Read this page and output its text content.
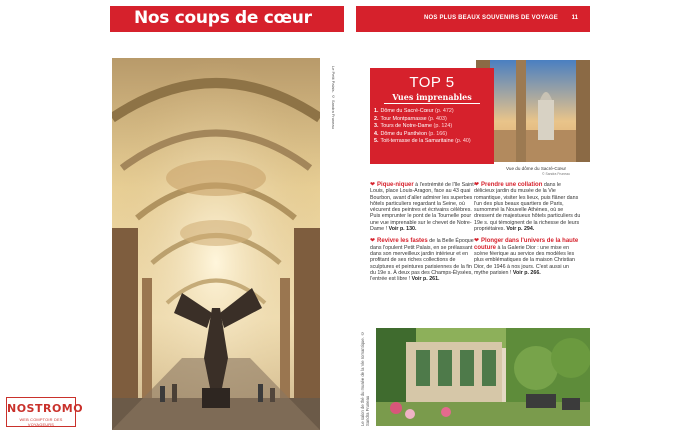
Nos coups de cœur
Le Petit Palais. © Sandra Fruneau
NOS PLUS BEAUX SOUVENIRS DE VOYAGE 11
TOP 5
Vues imprenables
1. Dôme du Sacré-Cœur (p. 472)
2. Tour Montparnasse (p. 403)
3. Tours de Notre-Dame (p. 124)
4. Dôme du Panthéon (p. 166)
5. Toit-terrasse de la Samaritaine (p. 40)
Vue du dôme du Sacré-Cœur
© Sandra Fruneau
❤ Pique-niquer à l'extrémité de l'île Saint-Louis, place Louis-Aragon, face au 43 quai Bourbon, avant d'aller admirer les superbes hôtels particuliers regardant la Seine, où vécurent des peintres et écrivains célèbres. Puis emprunter le pont de la Tournelle pour une vue imprenable sur le chevet de Notre-Dame ! Voir p. 130.
❤ Revivre les fastes de la Belle Époque dans l'opulent Petit Palais, en se prélassant dans son merveilleux jardin intérieur et en profitant de ses riches collections de sculptures et peintures parisiennes de la fin du 19e s. À deux pas des Champs-Élysées, l'entrée est libre ! Voir p. 261.
❤ Prendre une collation dans le délicieux jardin du musée de la Vie romantique, visiter les lieux, puis flâner dans l'un des plus beaux quartiers de Paris, surnommé la Nouvelle Athènes, où se dressent de majestueux hôtels particuliers du 19e s. qui témoignent de la richesse de leurs propriétaires. Voir p. 294.
❤ Plonger dans l'univers de la haute couture à la Galerie Dior : une mise en scène féerique au service des modèles les plus emblématiques de la maison Christian Dior, de 1946 à nos jours. C'est aussi un mythe parisien ! Voir p. 266.
Le salon de thé du musée de la Vie romantique. © Sandra Fruneau
NOSTROMO
WEB COMPTOIR DES VOYAGEURS
